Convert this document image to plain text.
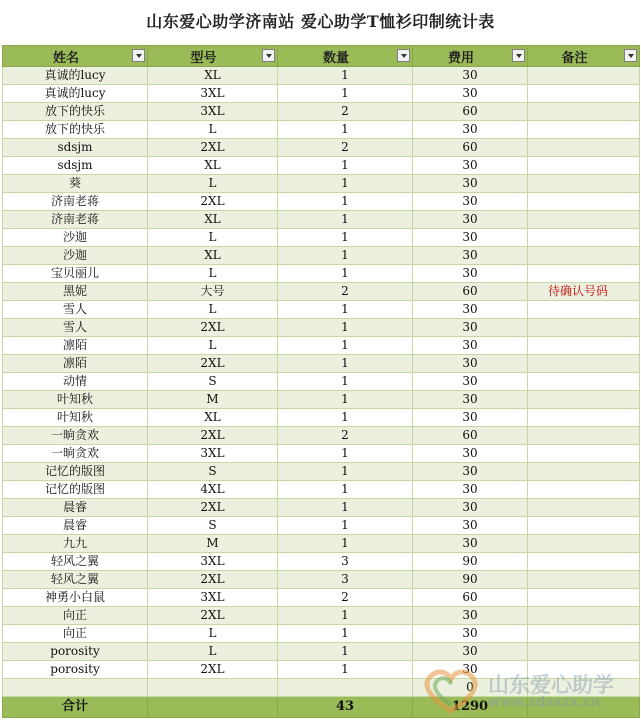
山东爱心助学济南站 爱心助学T恤衫印制统计表
姓名	型号	数量	费用	备注

真诚的lucy	XL	1	30	
真诚的lucy	3XL	1	30	
放下的快乐	3XL	2	60	
放下的快乐	L	1	30	
sdsjm	2XL	2	60	
sdsjm	XL	1	30	
葵	L	1	30	
济南老蒋	2XL	1	30	
济南老蒋	XL	1	30	
沙迦	L	1	30	
沙迦	XL	1	30	
宝贝丽儿	L	1	30	
黑妮	大号	2	60	待确认号码
雪人	L	1	30	
雪人	2XL	1	30	
凛陌	L	1	30	
凛陌	2XL	1	30	
动情	S	1	30	
叶知秋	M	1	30	
叶知秋	XL	1	30	
一晌贪欢	2XL	2	60	
一晌贪欢	3XL	1	30	
记忆的版图	S	1	30	
记忆的版图	4XL	1	30	
晨睿	2XL	1	30	
晨睿	S	1	30	
九九	M	1	30	
轻风之翼	3XL	3	90	
轻风之翼	2XL	3	90	
神勇小白鼠	3XL	2	60	
向正	2XL	1	30	
向正	L	1	30	
porosity	L	1	30	
porosity	2XL	1	30	
			0	
合计		43	1290	
山东爱心助学
www.sdaxzx.cn
